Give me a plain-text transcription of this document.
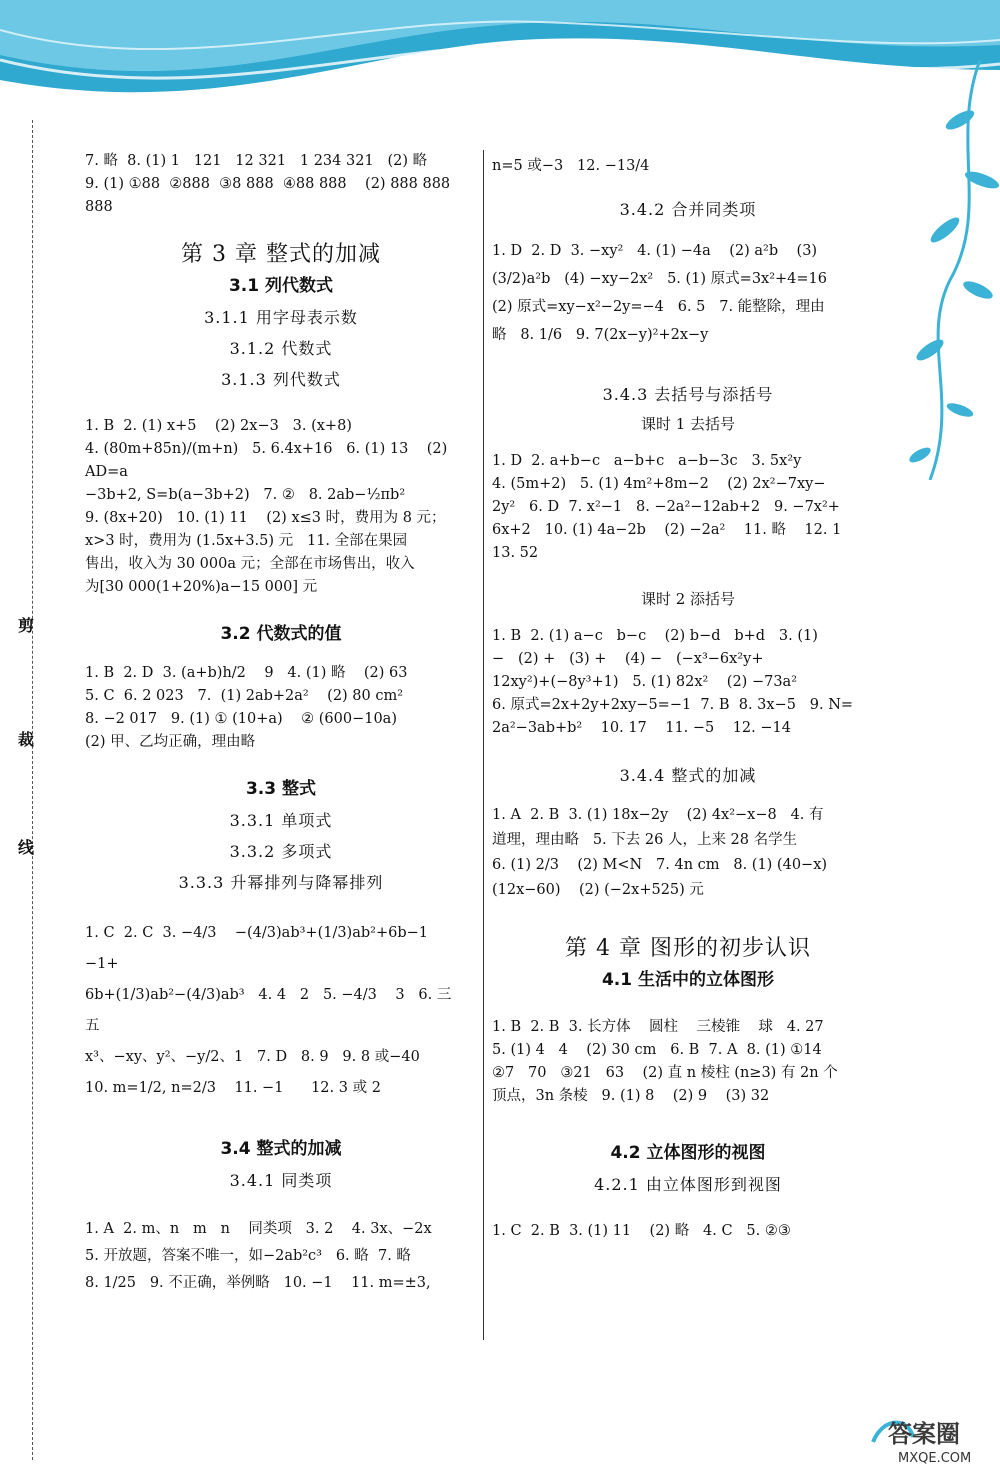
剪
裁
线

7. 略  8. (1) 1   121   12 321   1 234 321   (2) 略

9. (1) ①88  ②888  ③8 888  ④88 888    (2) 888 888 888

第 3 章 整式的加减

3.1 列代数式

3.1.1 用字母表示数

3.1.2 代数式

3.1.3 列代数式

1. B  2. (1) x+5    (2) 2x−3   3. (x+8)
4. (80m+85n)/(m+n)   5. 6.4x+16   6. (1) 13    (2) AD=a
−3b+2, S=b(a−3b+2)   7. ②   8. 2ab−½πb²
9. (8x+20)   10. (1) 11    (2) x≤3 时，费用为 8 元；
x>3 时，费用为 (1.5x+3.5) 元   11. 全部在果园
售出，收入为 30 000a 元；全部在市场售出，收入
为[30 000(1+20%)a−15 000] 元

3.2 代数式的值

1. B  2. D  3. (a+b)h/2    9   4. (1) 略    (2) 63
5. C  6. 2 023   7.  (1) 2ab+2a²    (2) 80 cm²
8. −2 017   9. (1) ① (10+a)    ② (600−10a)
(2) 甲、乙均正确，理由略

3.3 整式

3.3.1 单项式

3.3.2 多项式

3.3.3 升幂排列与降幂排列

1. C  2. C  3. −4/3    −(4/3)ab³+(1/3)ab²+6b−1    −1+
6b+(1/3)ab²−(4/3)ab³   4. 4   2   5. −4/3    3   6. 三   五
x³、−xy、y²、−y/2、1   7. D   8. 9   9. 8 或−40
10. m=1/2, n=2/3    11. −1      12. 3 或 2

3.4 整式的加减

3.4.1 同类项

1. A  2. m、n   m   n    同类项   3. 2    4. 3x、−2x
5. 开放题，答案不唯一，如−2ab²c³   6. 略  7. 略
8. 1/25   9. 不正确，举例略   10. −1    11. m=±3,

n=5 或−3   12. −13/4

3.4.2 合并同类项

1. D  2. D  3. −xy²   4. (1) −4a    (2) a²b    (3)
(3/2)a²b   (4) −xy−2x²   5. (1) 原式=3x²+4=16
(2) 原式=xy−x²−2y=−4   6. 5   7. 能整除，理由
略   8. 1/6   9. 7(2x−y)²+2x−y

3.4.3 去括号与添括号

课时 1 去括号

1. D  2. a+b−c   a−b+c   a−b−3c   3. 5x²y
4. (5m+2)   5. (1) 4m²+8m−2    (2) 2x²−7xy−
2y²   6. D  7. x²−1   8. −2a²−12ab+2   9. −7x²+
6x+2   10. (1) 4a−2b    (2) −2a²    11. 略    12. 1
13. 52

课时 2 添括号

1. B  2. (1) a−c   b−c    (2) b−d   b+d   3. (1)
−   (2) +   (3) +    (4) −   (−x³−6x²y+
12xy²)+(−8y³+1)   5. (1) 82x²    (2) −73a²
6. 原式=2x+2y+2xy−5=−1  7. B  8. 3x−5   9. N=
2a²−3ab+b²    10. 17    11. −5    12. −14

3.4.4 整式的加减

1. A  2. B  3. (1) 18x−2y    (2) 4x²−x−8   4. 有
道理，理由略   5. 下去 26 人，上来 28 名学生
6. (1) 2/3    (2) M<N   7. 4n cm   8. (1) (40−x)
(12x−60)    (2) (−2x+525) 元

第 4 章 图形的初步认识

4.1 生活中的立体图形

1. B  2. B  3. 长方体    圆柱    三棱锥    球   4. 27
5. (1) 4   4    (2) 30 cm   6. B  7. A  8. (1) ①14
②7   70   ③21   63    (2) 直 n 棱柱 (n≥3) 有 2n 个
顶点，3n 条棱   9. (1) 8    (2) 9    (3) 32

4.2 立体图形的视图

4.2.1 由立体图形到视图

1. C  2. B  3. (1) 11    (2) 略   4. C   5. ②③

答案圈
MXQE.COM
